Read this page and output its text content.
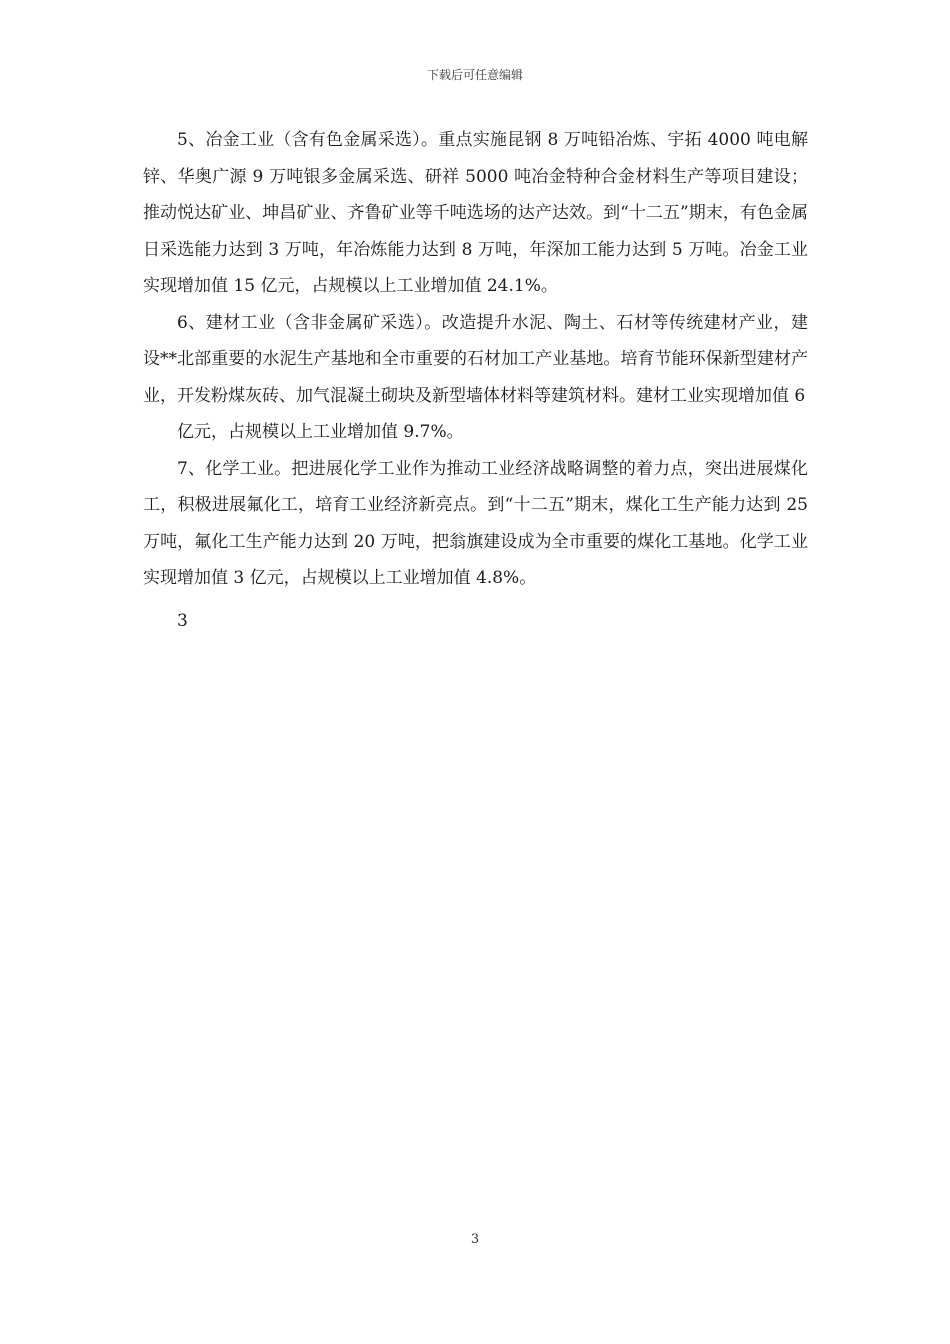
下载后可任意编辑

5、冶金工业（含有色金属采选）。重点实施昆钢 8 万吨铅冶炼、宇拓 4000 吨电解锌、华奥广源 9 万吨银多金属采选、研祥 5000 吨冶金特种合金材料生产等项目建设；推动悦达矿业、坤昌矿业、齐鲁矿业等千吨选场的达产达效。到“十二五”期末，有色金属日采选能力达到 3 万吨，年冶炼能力达到 8 万吨，年深加工能力达到 5 万吨。冶金工业实现增加值 15 亿元，占规模以上工业增加值 24.1%。

6、建材工业（含非金属矿采选）。改造提升水泥、陶土、石材等传统建材产业，建设**北部重要的水泥生产基地和全市重要的石材加工产业基地。培育节能环保新型建材产业，开发粉煤灰砖、加气混凝土砌块及新型墙体材料等建筑材料。建材工业实现增加值 6

亿元，占规模以上工业增加值 9.7%。

7、化学工业。把进展化学工业作为推动工业经济战略调整的着力点，突出进展煤化工，积极进展氟化工，培育工业经济新亮点。到“十二五”期末，煤化工生产能力达到 25 万吨，氟化工生产能力达到 20 万吨，把翁旗建设成为全市重要的煤化工基地。化学工业实现增加值 3 亿元，占规模以上工业增加值 4.8%。

3

3
